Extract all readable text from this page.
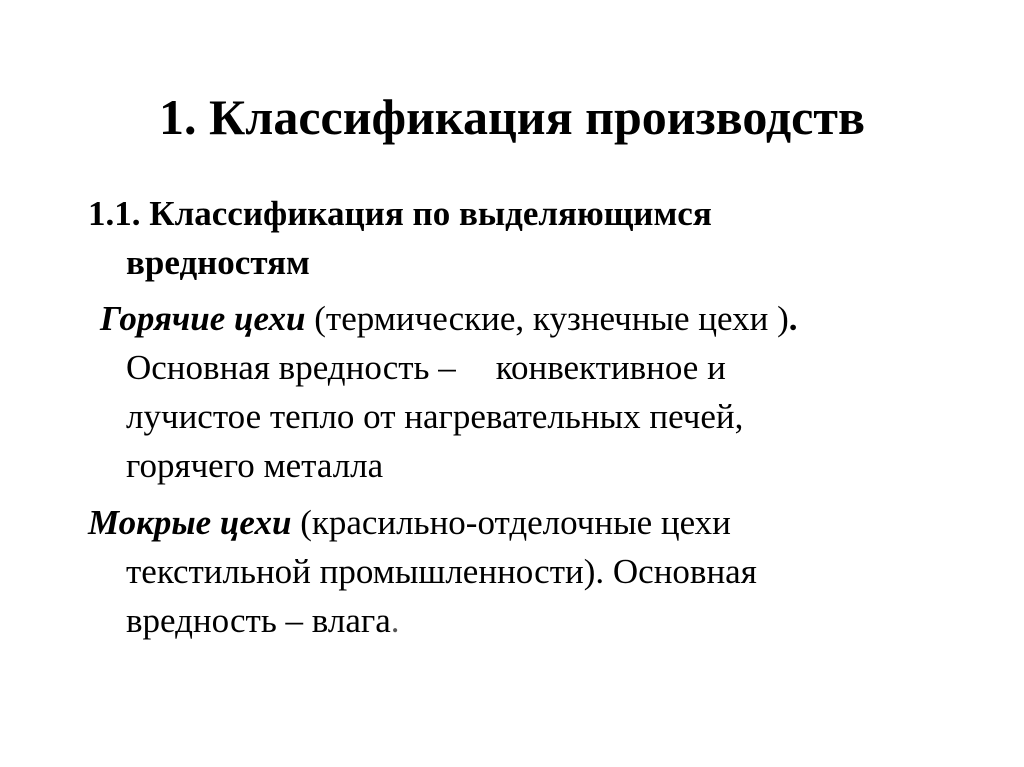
1. Классификация производств
1.1. Классификация по выделяющимся
вредностям
Горячие цехи (термические, кузнечные цехи ).
Основная вредность – конвективное и
лучистое тепло от нагревательных печей,
горячего металла
Мокрые цехи (красильно-отделочные цехи
текстильной промышленности). Основная
вредность – влага.
